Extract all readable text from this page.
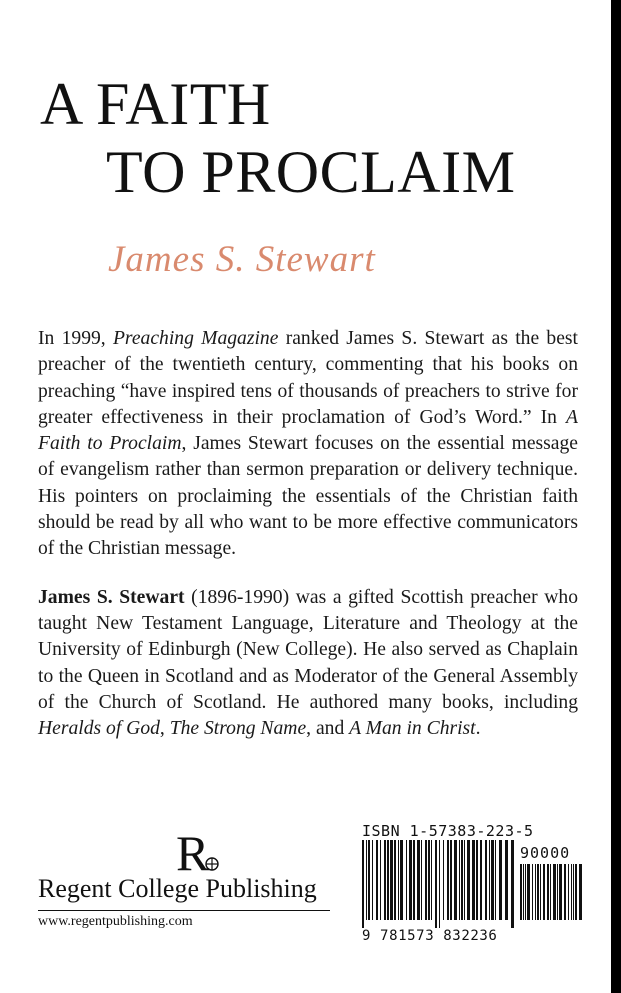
A FAITH
TO PROCLAIM
James S. Stewart

In 1999, Preaching Magazine ranked James S. Stewart as the best preacher of the twentieth century, commenting that his books on preaching “have inspired tens of thousands of preachers to strive for greater effectiveness in their proclamation of God’s Word.” In A Faith to Proclaim, James Stewart focuses on the essential message of evangelism rather than sermon preparation or delivery technique. His pointers on proclaiming the essentials of the Christian faith should be read by all who want to be more effective communicators of the Christian message.

James S. Stewart (1896-1990) was a gifted Scottish preacher who taught New Testament Language, Literature and Theology at the University of Edinburgh (New College). He also served as Chaplain to the Queen in Scotland and as Moderator of the General Assembly of the Church of Scotland. He authored many books, including Heralds of God, The Strong Name, and A Man in Christ.

R
Regent College Publishing
www.regentpublishing.com
ISBN 1-57383-223-5
90000
9 781573 832236
